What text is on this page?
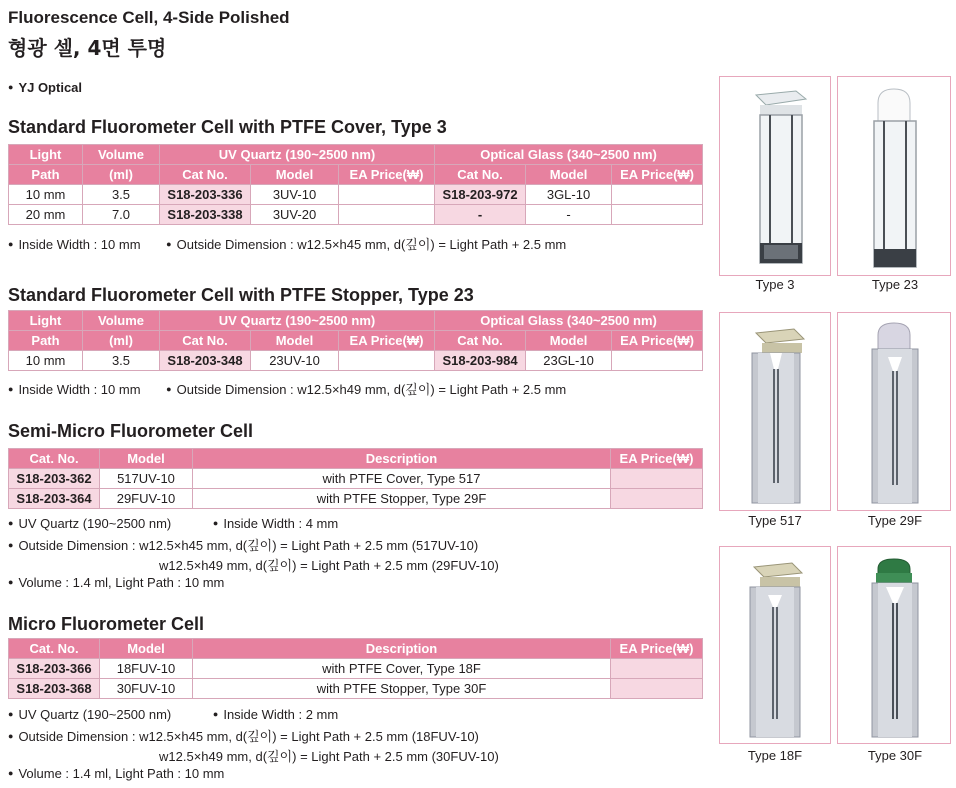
Fluorescence Cell, 4-Side Polished
형광 셀, 4면 투명
● YJ Optical
Standard Fluorometer Cell with PTFE Cover, Type 3
Light	Volume	UV Quartz (190~2500 nm)			Optical Glass (340~2500 nm)		
Path	(ml)	Cat No.	Model	EA Price(₩)	Cat No.	Model	EA Price(₩)
10 mm	3.5	S18-203-336	3UV-10		S18-203-972	3GL-10	
20 mm	7.0	S18-203-338	3UV-20		-	-	
● Inside Width : 10 mm	● Outside Dimension : w12.5×h45 mm, d(깊이) = Light Path + 2.5 mm
Standard Fluorometer Cell with PTFE Stopper, Type 23
Light	Volume	UV Quartz (190~2500 nm)			Optical Glass (340~2500 nm)		
Path	(ml)	Cat No.	Model	EA Price(₩)	Cat No.	Model	EA Price(₩)
10 mm	3.5	S18-203-348	23UV-10		S18-203-984	23GL-10	
● Inside Width : 10 mm	● Outside Dimension : w12.5×h49 mm, d(깊이) = Light Path + 2.5 mm
Semi-Micro Fluorometer Cell
Cat. No.	Model	Description	EA Price(₩)
S18-203-362	517UV-10	with PTFE Cover, Type 517	
S18-203-364	29FUV-10	with PTFE Stopper, Type 29F	
● UV Quartz (190~2500 nm)	● Inside Width : 4 mm
● Outside Dimension : w12.5×h45 mm, d(깊이) = Light Path + 2.5 mm (517UV-10)
w12.5×h49 mm, d(깊이) = Light Path + 2.5 mm (29FUV-10)
● Volume : 1.4 ml, Light Path : 10 mm
Micro Fluorometer Cell
Cat. No.	Model	Description	EA Price(₩)
S18-203-366	18FUV-10	with PTFE Cover, Type 18F	
S18-203-368	30FUV-10	with PTFE Stopper, Type 30F	
● UV Quartz (190~2500 nm)	● Inside Width : 2 mm
● Outside Dimension : w12.5×h45 mm, d(깊이) = Light Path + 2.5 mm (18FUV-10)
w12.5×h49 mm, d(깊이) = Light Path + 2.5 mm (30FUV-10)
● Volume : 1.4 ml, Light Path : 10 mm
Type 3	Type 23
Type 517	Type 29F
Type 18F	Type 30F
